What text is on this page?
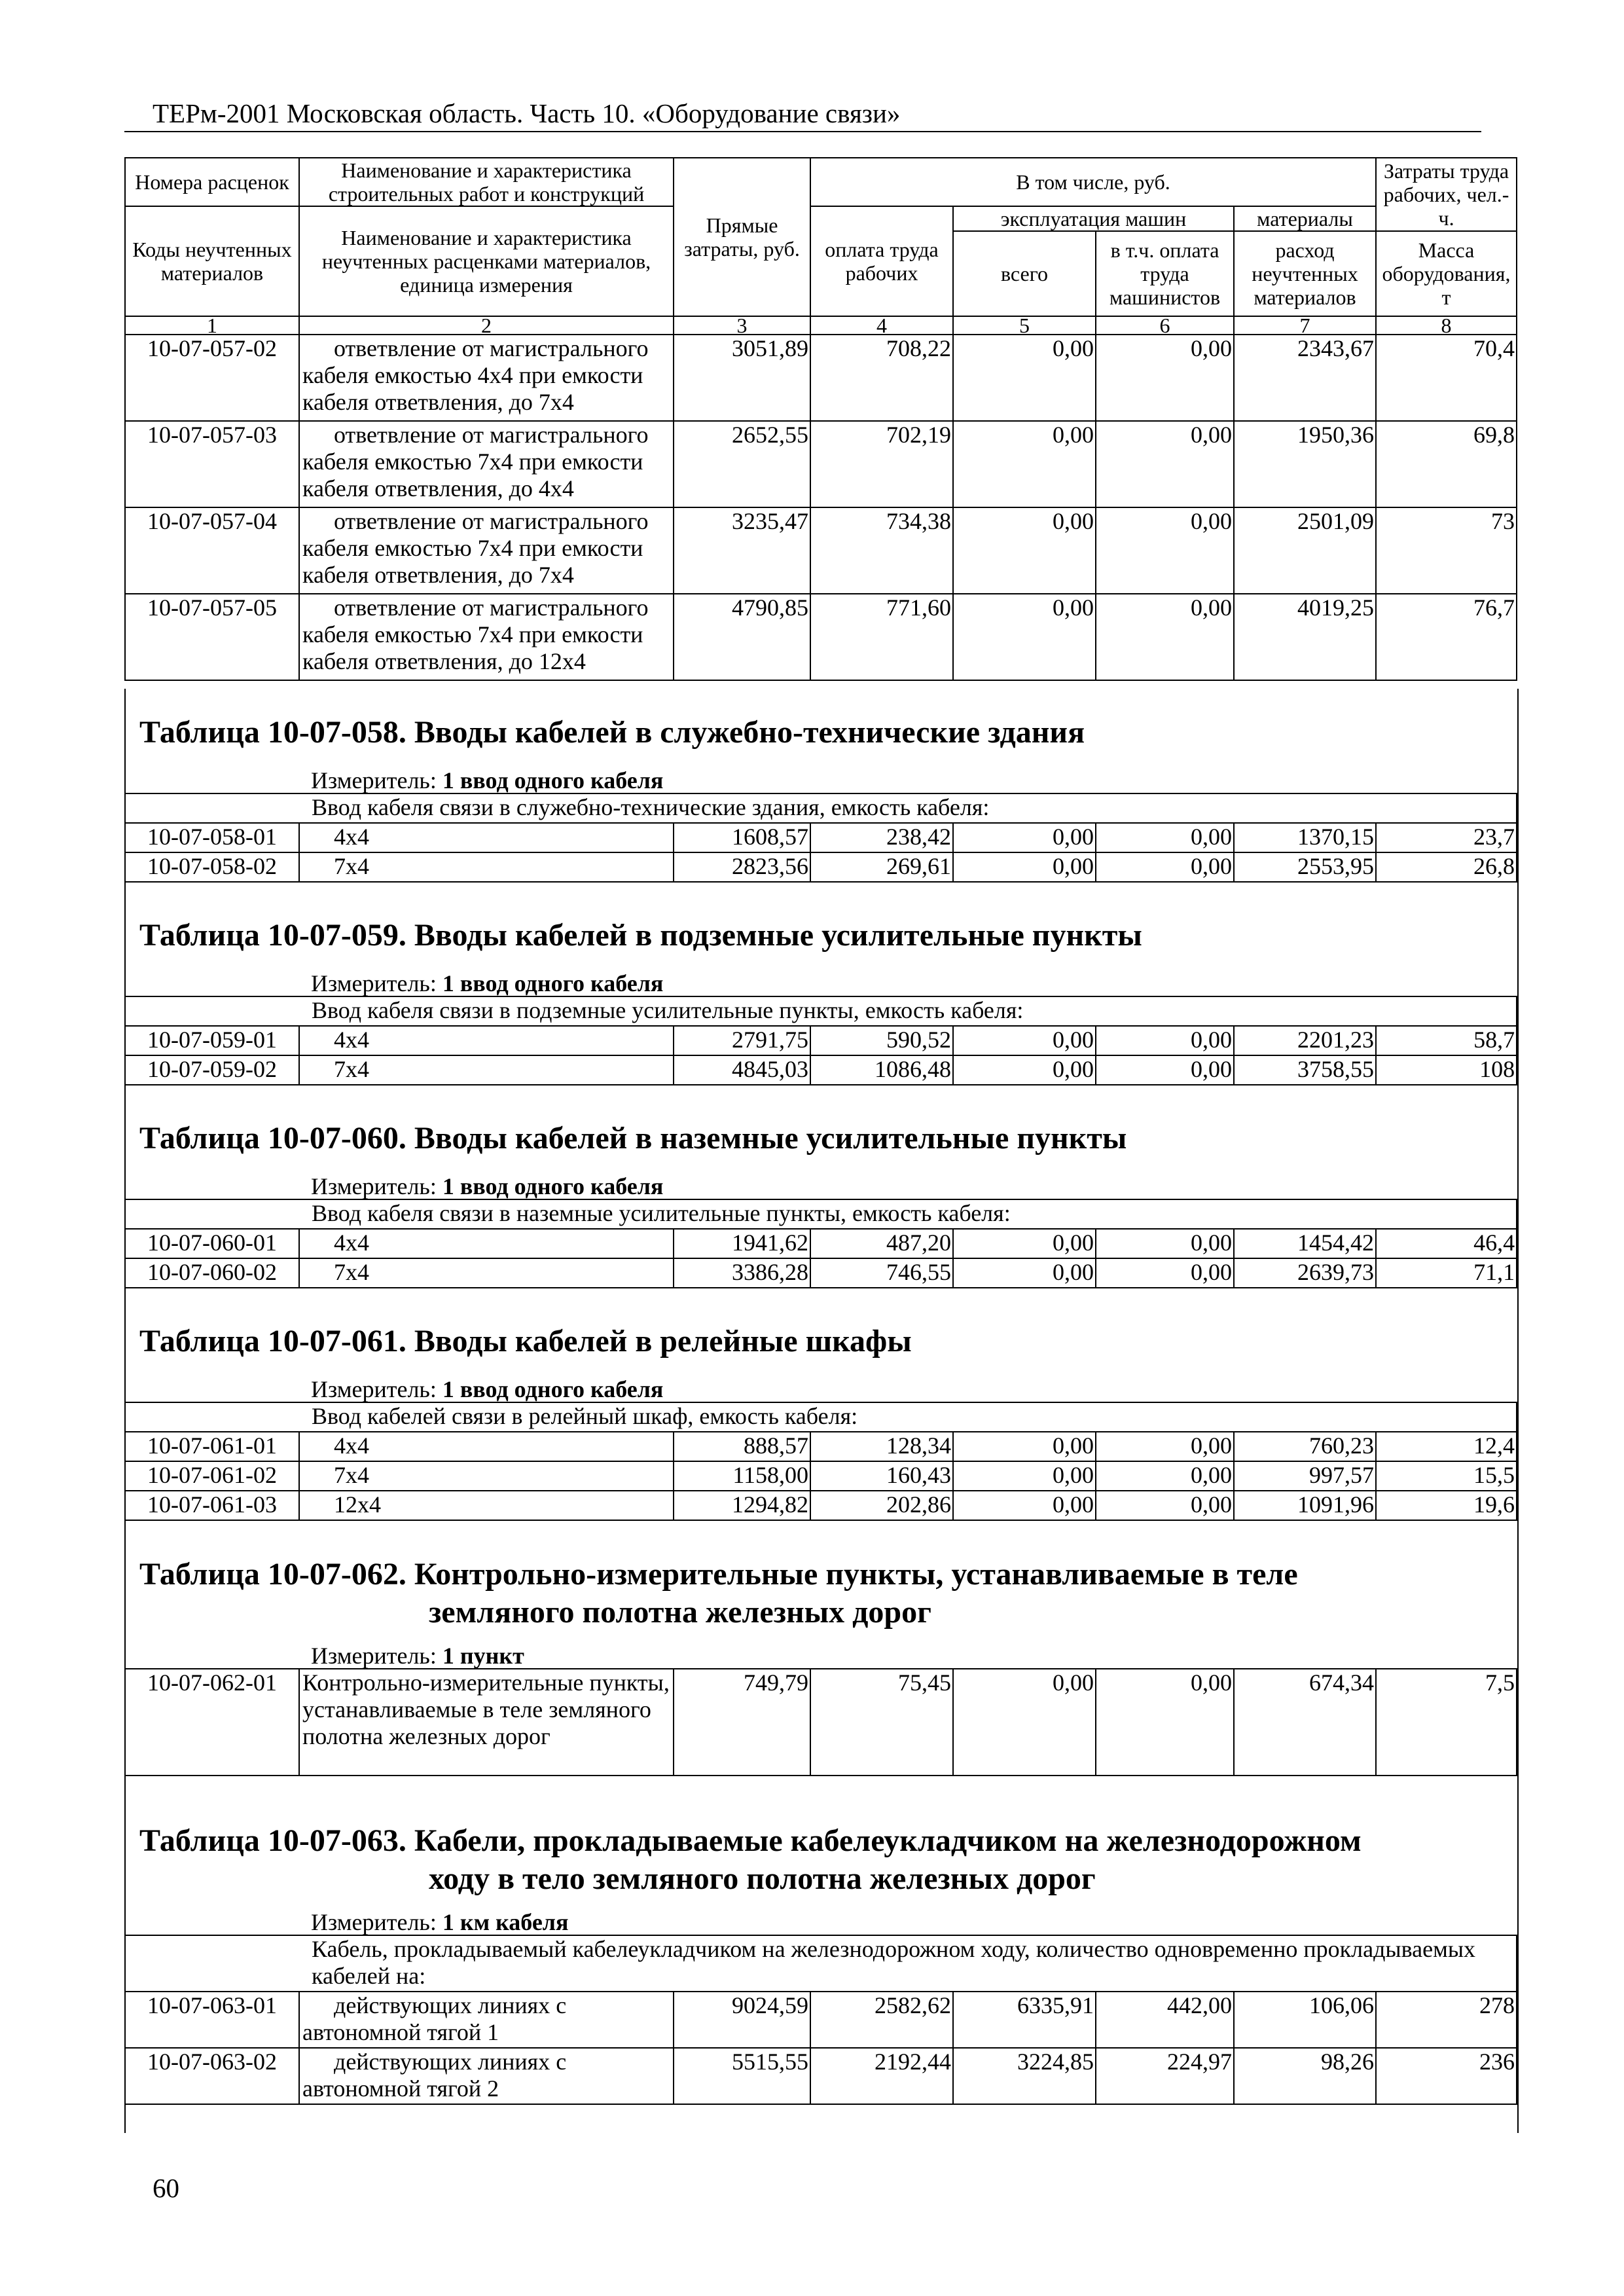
ТЕРм-2001 Московская область. Часть 10. «Оборудование связи»
Номера расценок	Наименование и характеристика строительных работ и конструкций	Прямые затраты, руб.	В том числе, руб.				Затраты труда рабочих, чел.-ч.
Коды неучтенных материалов	Наименование и характеристика неучтенных расценками материалов, единица измерения		оплата труда рабочих	эксплуатация машин		материалы	
				всего	в т.ч. оплата труда машинистов	расход неучтенных материалов	Масса оборудования, т
1	2	3	4	5	6	7	8
10-07-057-02	ответвление от магистрального кабеля емкостью 4х4 при емкости кабеля ответвления, до 7х4	3051,89	708,22	0,00	0,00	2343,67	70,4
10-07-057-03	ответвление от магистрального кабеля емкостью 7х4 при емкости кабеля ответвления, до 4х4	2652,55	702,19	0,00	0,00	1950,36	69,8
10-07-057-04	ответвление от магистрального кабеля емкостью 7х4 при емкости кабеля ответвления, до 7х4	3235,47	734,38	0,00	0,00	2501,09	73
10-07-057-05	ответвление от магистрального кабеля емкостью 7х4 при емкости кабеля ответвления, до 12х4	4790,85	771,60	0,00	0,00	4019,25	76,7
Таблица 10-07-058. Вводы кабелей в служебно-технические здания
Измеритель: 1 ввод одного кабеля
Ввод кабеля связи в служебно-технические здания, емкость кабеля:							
10-07-058-01	4х4	1608,57	238,42	0,00	0,00	1370,15	23,7
10-07-058-02	7х4	2823,56	269,61	0,00	0,00	2553,95	26,8
Таблица 10-07-059. Вводы кабелей в подземные усилительные пункты
Измеритель: 1 ввод одного кабеля
Ввод кабеля связи в подземные усилительные пункты, емкость кабеля:							
10-07-059-01	4х4	2791,75	590,52	0,00	0,00	2201,23	58,7
10-07-059-02	7х4	4845,03	1086,48	0,00	0,00	3758,55	108
Таблица 10-07-060. Вводы кабелей в наземные усилительные пункты
Измеритель: 1 ввод одного кабеля
Ввод кабеля связи в наземные усилительные пункты, емкость кабеля:							
10-07-060-01	4х4	1941,62	487,20	0,00	0,00	1454,42	46,4
10-07-060-02	7х4	3386,28	746,55	0,00	0,00	2639,73	71,1
Таблица 10-07-061. Вводы кабелей в релейные шкафы
Измеритель: 1 ввод одного кабеля
Ввод кабелей связи в релейный шкаф, емкость кабеля:							
10-07-061-01	4х4	888,57	128,34	0,00	0,00	760,23	12,4
10-07-061-02	7х4	1158,00	160,43	0,00	0,00	997,57	15,5
10-07-061-03	12х4	1294,82	202,86	0,00	0,00	1091,96	19,6
Таблица 10-07-062. Контрольно-измерительные пункты, устанавливаемые в теле
земляного полотна железных дорог
Измеритель: 1 пункт
10-07-062-01	Контрольно-измерительные пункты, устанавливаемые в теле земляного полотна железных дорог	749,79	75,45	0,00	0,00	674,34	7,5
Таблица 10-07-063. Кабели, прокладываемые кабелеукладчиком на железнодорожном
ходу в тело земляного полотна железных дорог
Измеритель: 1 км кабеля
Кабель, прокладываемый кабелеукладчиком на железнодорожном ходу, количество одновременно прокладываемых кабелей на:							
10-07-063-01	действующих линиях с автономной тягой 1	9024,59	2582,62	6335,91	442,00	106,06	278
10-07-063-02	действующих линиях с автономной тягой 2	5515,55	2192,44	3224,85	224,97	98,26	236
60
